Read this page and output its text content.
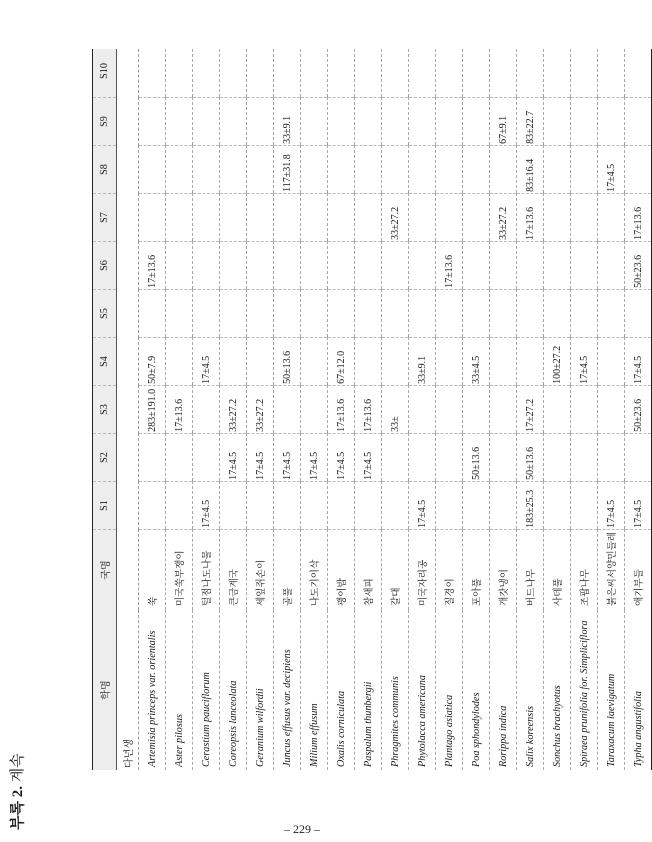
부록 2. 계속
학명	국명	S1	S2	S3	S4	S5	S6	S7	S8	S9	S10
다년생											
Artemisia princeps var. orientalis	쑥			283±191.0	50±7.9		17±13.6				
Aster pilosus	미국쑥부쟁이			17±13.6							
Cerastium pauciflorum	털점나도나물	17±4.5			17±4.5						
Coreopsis lanceolata	큰금계국		17±4.5	33±27.2							
Geranium wilfordii	세잎쥐손이		17±4.5	33±27.2							
Juncus effusus var. decipiens	골풀		17±4.5		50±13.6				117±31.8	33±9.1	
Milium effusum	나도기이삭		17±4.5								
Oxalis corniculata	괭이밥		17±4.5	17±13.6	67±12.0						
Paspalum thunbergii	참새피		17±4.5	17±13.6							
Phragmites communis	갈대			33±				33±27.2			
Phytolacca americana	미국자리공	17±4.5			33±9.1						
Plantago asiatica	질경이						17±13.6				
Poa sphondylodes	포아풀		50±13.6		33±4.5						
Rorippa indica	개갓냉이							33±27.2		67±9.1	
Salix koreensis	버드나무	183±25.3	50±13.6	17±27.2				17±13.6	83±16.4	83±22.7	
Sonchus brachyotus	사데풀				100±27.2						
Spiraea prunifolia for. Simpliciflora	조팝나무				17±4.5						
Taraxacum laevigatum	붉은씨서양민들레	17±4.5							17±4.5		
Typha angustifolia	애기부들	17±4.5		50±23.6	17±4.5		50±23.6	17±13.6			
– 229 –
